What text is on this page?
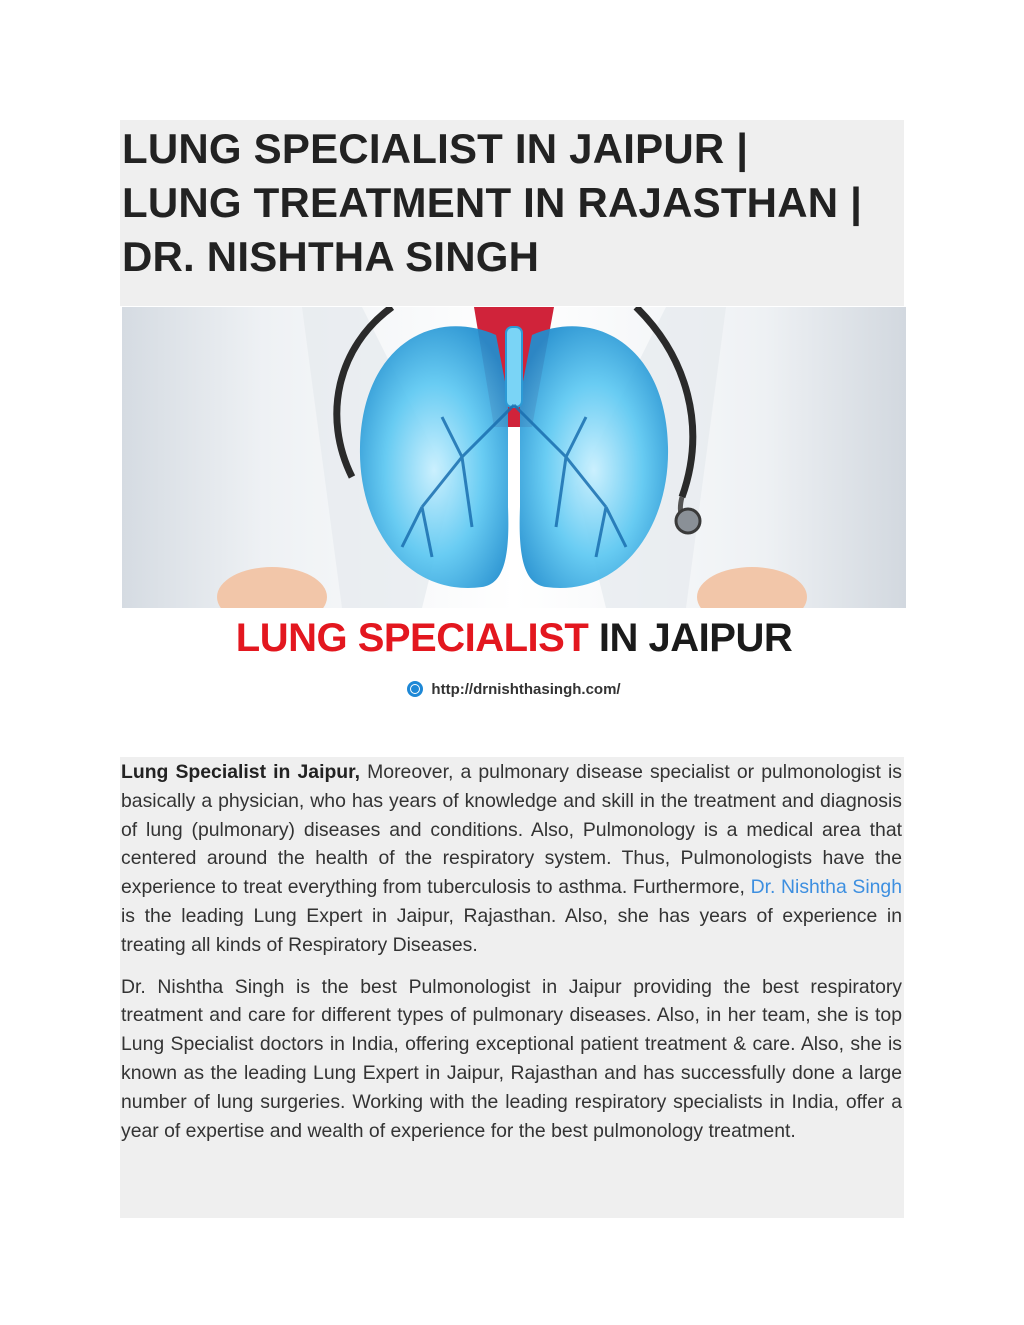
LUNG SPECIALIST IN JAIPUR |
LUNG TREATMENT IN RAJASTHAN |
DR. NISHTHA SINGH
LUNG SPECIALIST IN JAIPUR
http://drnishthasingh.com/

Lung Specialist in Jaipur, Moreover, a pulmonary disease specialist or pulmonologist is basically a physician, who has years of knowledge and skill in the treatment and diagnosis of lung (pulmonary) diseases and conditions. Also, Pulmonology is a medical area that centered around the health of the respiratory system. Thus, Pulmonologists have the experience to treat everything from tuberculosis to asthma. Furthermore, Dr. Nishtha Singh is the leading Lung Expert in Jaipur, Rajasthan. Also, she has years of experience in treating all kinds of Respiratory Diseases.

Dr. Nishtha Singh is the best Pulmonologist in Jaipur providing the best respiratory treatment and care for different types of pulmonary diseases. Also, in her team, she is top Lung Specialist doctors in India, offering exceptional patient treatment & care. Also, she is known as the leading Lung Expert in Jaipur, Rajasthan and has successfully done a large number of lung surgeries. Working with the leading respiratory specialists in India, offer a year of expertise and wealth of experience for the best pulmonology treatment.
